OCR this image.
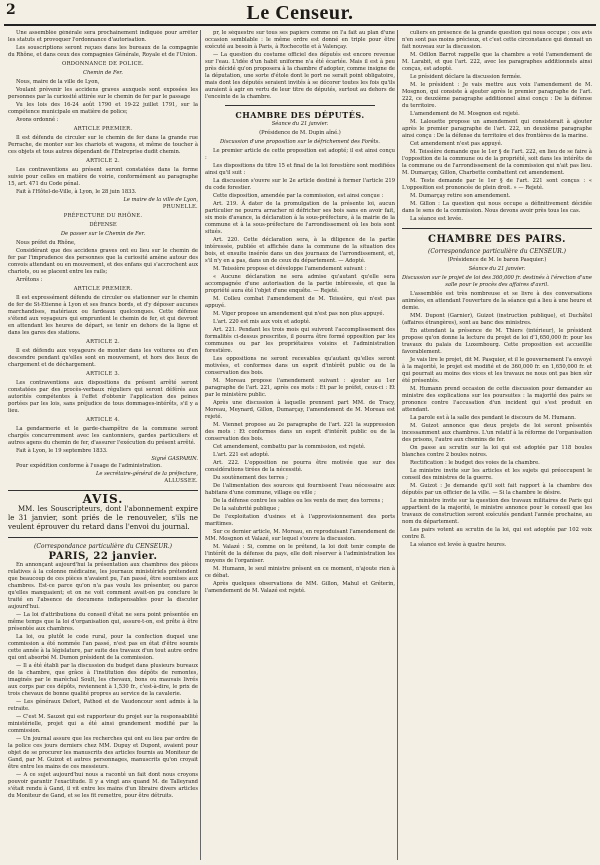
2	Le Censeur.

Une assemblée générale sera prochainement indiquée pour arrêter les statuts et provoquer l'ordonnance d'autorisation.

Les souscriptions seront reçues dans les bureaux de la compagnie du Rhône, et dans ceux des compagnies Générale, Royale et de l'Union.

ORDONNANCE DE POLICE.
Chemin de Fer.

Nous, maire de la ville de Lyon,

Voulant prévenir les accidens graves auxquels sont exposées les personnes par la curiosité attirée sur le chemin de fer par le passage

Vu les lois des 16-24 août 1790 et 19-22 juillet 1791, sur la compétence municipale en matière de police;

Avons ordonné :

ARTICLE PREMIER.

Il est défendu de circuler sur le chemin de fer dans la grande rue Perrache, de monter sur les chariots et wagons, et même de toucher à ces objets et tous autres dépendant de l'Entreprise dudit chemin.

ARTICLE 2.

Les contraventions au présent seront constatées dans la forme suivie pour celles en matière de voirie, conformément au paragraphe 15, art. 471 du Code pénal.

Fait à l'Hôtel-de-Ville, à Lyon, le 28 juin 1833.

Le maire de la ville de Lyon,
PRUNELLE.
PRÉFECTURE DU RHÔNE.
DÉFENSE
De passer sur le Chemin de Fer.

Nous préfet du Rhône,

Considérant que des accidens graves ont eu lieu sur le chemin de fer par l'imprudence des personnes que la curiosité amène autour des convois attendant ou en mouvement, et des enfans qui s'accrochent aux chariots, ou se placent entre les rails;

Arrêtons :

ARTICLE PREMIER.

Il est expressément défendu de circuler ou stationner sur le chemin de fer de St-Etienne à Lyon et ses francs bords, et d'y déposer aucunes marchandises, matériaux ou fardeaux quelconques. Cette défense s'étend aux voyageurs qui empruntent le chemin de fer, et qui devront en attendant les heures de départ, se tenir en dehors de la ligne et dans les gares des stations.

ARTICLE 2.

Il est défendu aux voyageurs de monter dans les voitures ou d'en descendre pendant qu'elles sont en mouvement, et hors des lieux de chargement et de déchargement.

ARTICLE 3.

Les contraventions aux dispositions du présent arrêté seront constatées par des procès-verbaux réguliers qui seront déférés aux autorités compétentes à l'effet d'obtenir l'application des peines portées par les lois, sans préjudice de tous dommages-intérêts, s'il y a lieu.

ARTICLE 4.

La gendarmerie et le garde-champêtre de la commune seront chargés concurremment avec les cantonniers, gardes particuliers et autres agens du chemin de fer, d'assurer l'exécution du présent arrêté.

Fait à Lyon, le 19 septembre 1833.

Signé GASPARIN.

Pour expédition conforme à l'usage de l'administration.

Le secrétaire-général de la préfecture,
ALLUSSEE.
AVIS.
MM. les Souscripteurs, dont l'abonnement expire le 31 janvier, sont priés de le renouveler, s'ils ne veulent éprouver du retard dans l'envoi du journal.
(Correspondance particulière du CENSEUR.)
PARIS, 22 janvier.

En annonçant aujourd'hui la présentation aux chambres des pièces relatives à la colonne médicaine, les journaux ministériels prétendent que beaucoup de ces pièces n'avaient pu, l'an passé, être soumises aux chambres. Est-ce parce qu'on n'a pas voulu les présenter, ou parce qu'elles manquaient; et on ne voit comment avait-on pu conclure le traité en l'absence de documens indispensables pour la discuter aujourd'hui.

— La loi d'attributions du conseil d'état ne sera point présentée en même temps que la loi d'organisation qui, assure-t-on, est prête à être présentée aux chambres.

La loi, ou plutôt le code rural, pour la confection duquel une commission a été nommée l'an passé, n'est pas en état d'être soumis cette année à la législature, par suite des travaux d'un tout autre ordre qui ont absorbé M. Dumon président de la commission.

— Il a été établi par la discussion du budget dans plusieurs bureaux de la chambre, que grâce à l'institution des dépôts de remontes, imaginés par le maréchal Soult, les chevaux, bons ou mauvais livrés aux corps par ces dépôts, reviennent à 1,530 fr., c'est-à-dire, le prix de trois chevaux de bonne qualité propres au service de la cavalerie.

— Les généraux Delort, Pathod et de Vaudoncour sont admis à la retraite.

— C'est M. Sauzet qui est rapporteur du projet sur la responsabilité ministérielle, projet qui a été ainsi grandement modifié par la commission.

— Un journal assure que les recherches qui ont eu lieu par ordre de la police ces jours derniers chez MM. Dupuy et Dupont, avaient pour objet de se procurer les manuscrits des articles fournis au Moniteur de Gand, par M. Guizot et autres personnages, manuscrits qu'on croyait être entre les mains de ces messieurs.

— A ce sujet aujourd'hui nous a raconté un fait dont nous croyons pouvoir garantir l'exactitude. Il y a vingt ans quand M. de Talleyrand s'était rendu à Gand, il vit entre les mains d'un libraire divers articles du Moniteur de Gand, et se les fit remettre, pour être détruits.

pr, le séquestre sur tous ses papiers comme on l'a fait au plan d'une occasion semblable : le même ordre est donné en triple pour être exécuté au besoin à Paris, à Rochecotte et à Valençay.

— La question du costume officiel des députés est encore revenue sur l'eau. L'idée d'un habit uniforme n'a été écartée. Mais il est à peu près décidé qu'on proposera à la chambre d'adopter, comme insigne de la députation, une sorte d'étole dont le port ne serait point obligatoire, mais dont les députés seraient invités à se décorer toutes les fois qu'ils auraient à agir en vertu de leur titre de députés, surtout au dehors de l'enceinte de la chambre.

CHAMBRE DES DÉPUTÉS.
Séance du 21 janvier.
(Présidence de M. Dupin aîné.)
Discussion d'une proposition sur le défrichement des Forêts.

Le premier article de cette proposition est adopté; il est ainsi conçu :

Les dispositions du titre 15 et final de la loi forestière sont modifiées ainsi qu'il suit :

La discussion s'ouvre sur le 2e article destiné à former l'article 219 du code forestier.

Cette disposition, amendée par la commission, est ainsi conçue :

Art. 219. À dater de la promulgation de la présente loi, aucun particulier ne pourra arracher ni défricher ses bois sans en avoir fait, six mois d'avance, la déclaration à la sous-préfecture, à la mairie de la commune et à la sous-préfecture de l'arrondissement où les bois sont situés.

Art. 220. Cette déclaration sera, à la diligence de la partie intéressée, publiée et affichée dans la commune de la situation des bois, et ensuite insérée dans un des journaux de l'arrondissement, et, s'il n'y en a pas, dans un de ceux du département. — Adopté.

M. Teissière propose et développe l'amendement suivant :

« Aucune déclaration ne sera admise qu'autant qu'elle sera accompagnée d'une autorisation de la partie intéressée, et que la propriété aura été l'objet d'une enquête. — Rejeté.

M. Colleu combat l'amendement de M. Teissière, qui n'est pas appuyé.

M. Viger propose un amendement qui n'est pas non plus appuyé.

L'art. 220 est mis aux voix et adopté.

Art. 221. Pendant les trois mois qui suivront l'accomplissement des formalités ci-dessus prescrites, il pourra être formé opposition par les communes ou par les propriétaires voisins et l'administration forestière.

Les oppositions ne seront recevables qu'autant qu'elles seront motivées, et conformes dans un esprit d'intérêt public ou de la conservation des bois.

M. Moreau propose l'amendement suivant : ajouter au 1er paragraphe de l'art. 221, après ces mots : Et par le préfet, ceux-ci : Et par le ministère public.

Après une discussion à laquelle prennent part MM. de Tracy, Moreau, Meynard, Gillon, Dumarçay, l'amendement de M. Moreau est rejeté.

M. Viennet propose au 2e paragraphe de l'art. 221 la suppression des mots : Et conformes dans un esprit d'intérêt public ou de la conservation des bois.

Cet amendement, combattu par la commission, est rejeté.

L'art. 221 est adopté.

Art. 222. L'opposition ne pourra être motivée que sur des considérations tirées de la nécessité.

Du soutènement des terres ;

De l'alimentation des sources qui fournissent l'eau nécessaire aux habitans d'une commune, village ou ville ;

De la défense contre les sables ou les vents de mer, des torrens ;

De la salubrité publique ;

De l'exploitation d'usines et à l'approvisionnement des ports maritimes.

Sur ce dernier article, M. Moreau, en reproduisant l'amendement de MM. Mosgnon et Valazé, sur lequel s'ouvre la discussion.

M. Valazé : Si, comme on le prétend, la loi doit tenir compte de l'intérêt de la défense du pays, elle doit réserver à l'administration les moyens de l'organiser.

M. Humann, le seul ministre présent en ce moment, n'ajoute rien à ce débat.

Après quelques observations de MM. Gillon, Mahul et Gréterin, l'amendement de M. Valazé est rejeté.

culiers en présence de la grande question qui nous occupe ; ces avis n'en sont pas moins précieux, et c'est cette circonstance qui donnait un fait nouveau sur la discussion.

M. Odilon Barrot rappelle que la chambre a voté l'amendement de M. Larabit, et que l'art. 222, avec les paragraphes additionnels ainsi conçus, est adopté.

Le président déclare la discussion fermée.

M. le président : Je vais mettre aux voix l'amendement de M. Mosgnon, qui consiste à ajouter après le premier paragraphe de l'art. 222, ce deuxième paragraphe additionnel ainsi conçu : De la défense du territoire.

L'amendement de M. Mosgnon est rejeté.

M. Lalouette propose un amendement qui consisterait à ajouter après le premier paragraphe de l'art. 222, un deuxième paragraphe ainsi conçu : De la défense du territoire et des frontières de la marine.

Cet amendement n'est pas appuyé.

M. Teissière demande que le 1er § de l'art. 222, en lieu de se faire à l'opposition de la commune ou de la propriété, soit dans les intérêts de la commune ou de l'arrondissement de la commission qui n'ait pas lieu. M. Dumarçay, Gillon, Charbette combattent cet amendement.

M. Teste demande par le 1er § de l'art. 221 sont conçus : « L'opposition est prononcée de plein droit. » — Rejeté.

M. Dumarçay retire son amendement.

M. Gillon : La question qui nous occupe a définitivement décidée dans le sens de la commission. Nous devons avoir près tous les cas.

La séance est levée.

CHAMBRE DES PAIRS.
(Correspondance particulière du CENSEUR.)
(Présidence de M. le baron Pasquier.)
Séance du 21 janvier.
Discussion sur le projet de loi des 360,000 fr. destinés à l'érection d'une salle pour le procès des affaires d'avril.

L'assemblée est très nombreuse et se livre à des conversations animées, en attendant l'ouverture de la séance qui a lieu à une heure et demie.

MM. Dupont (Garnier), Guizot (instruction publique), et Duchâtel (affaires étrangères), sont au banc des ministres.

En attendant la présence de M. Thiers (intérieur), le président propose qu'on donne la lecture du projet de loi d'1,650,000 fr. pour les travaux du palais du Luxembourg. Cette proposition est accueillie favorablement.

Je vais lire le projet, dit M. Pasquier, et il le gouvernement l'a envoyé à la majorité, le projet est modifié et de 360,000 fr. en 1,650,000 fr. et qui pourrait au moins des vices et les travaux ne nous ont pas bien sûr été présentés.

M. Humann prend occasion de cette discussion pour demander au ministre des explications sur les poursuites : la majorité des pairs se prononce contre l'accusation d'un incident qui s'est produit en attendant.

La parole est à la salle des pendant le discours de M. Humann.

M. Guizot annonce que deux projets de loi seront présentés incessamment aux chambres. L'un relatif à la réforme de l'organisation des prisons, l'autre aux chemins de fer.

On passe au scrutin sur la loi qui est adoptée par 118 boules blanches contre 2 boules noires.

Rectification : le budget des voies de la chambre.

Le ministre invite sur les articles et les sujets qui préoccupent le conseil des ministres de la guerre.

M. Guizot : Je demande qu'il soit fait rapport à la chambre des députés par un officier de la ville. — Si la chambre le désire.

Le ministre invite sur la question des travaux militaires de Paris qui appartient de la majorité, le ministre annonce pour le conseil que les travaux de construction seront exécutés pendant l'année prochaine, au nom du département.

Les pairs votent au scrutin de la loi, qui est adoptée par 102 voix contre 8.

La séance est levée à quatre heures.
